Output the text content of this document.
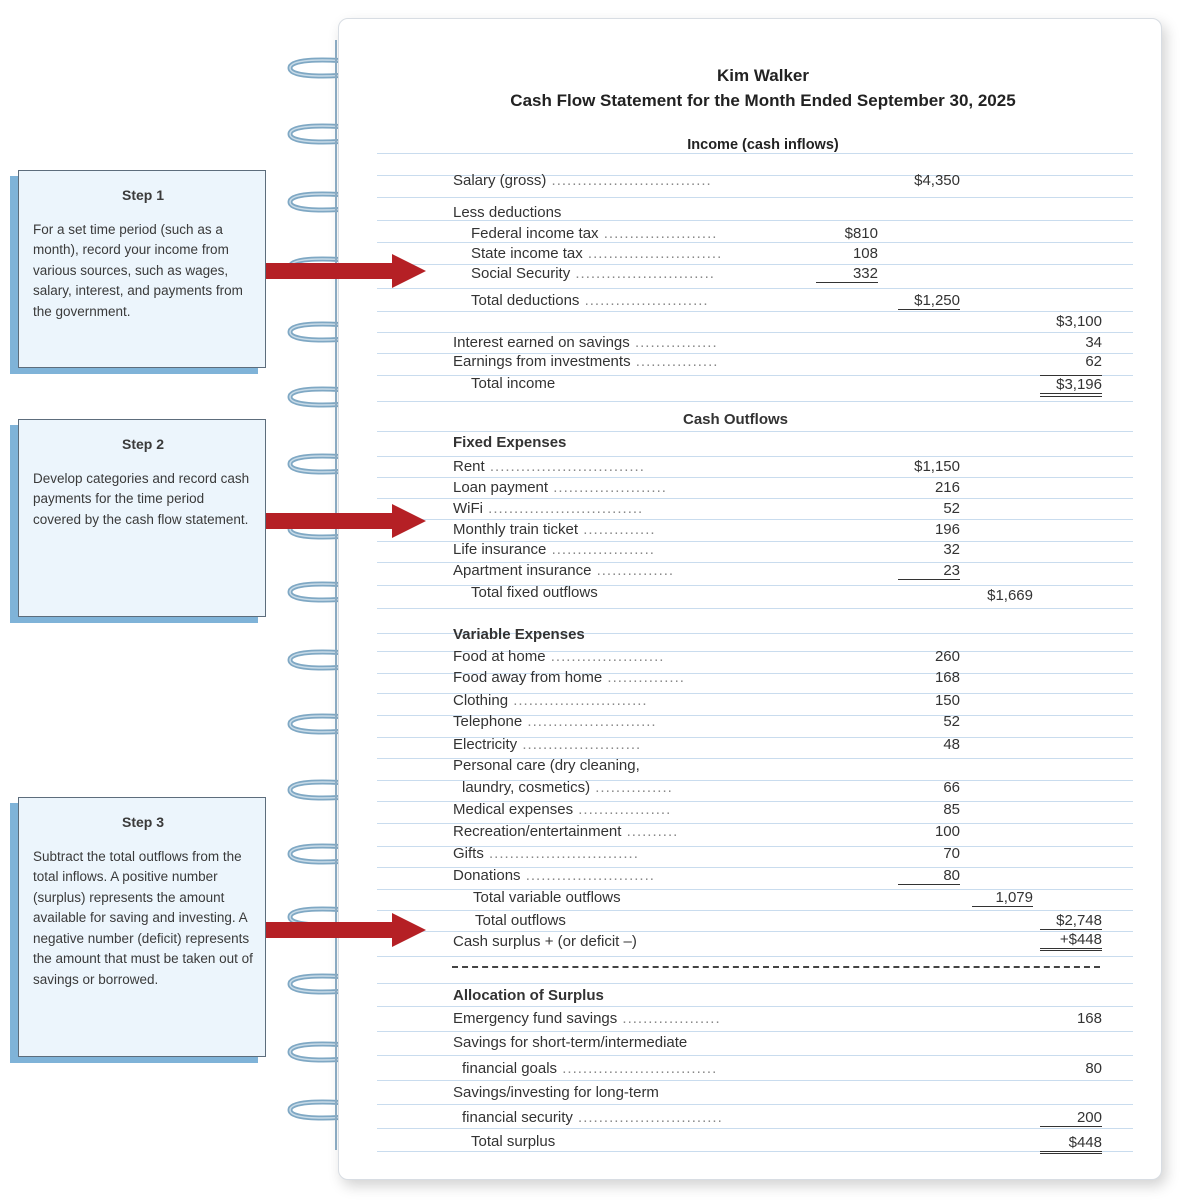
Kim Walker
Cash Flow Statement for the Month Ended September 30, 2025
Income (cash inflows)
Salary (gross) ...............................	$4,350
Less deductions
Federal income tax ......................	$810
State income tax ..........................	108
Social Security ...........................	332
Total deductions ........................	$1,250
$3,100
Interest earned on savings ................	34
Earnings from investments ................	62
Total income	$3,196
Cash Outflows
Fixed Expenses
Rent ..............................	$1,150
Loan payment ......................	216
WiFi ..............................	52
Monthly train ticket ..............	196
Life insurance ....................	32
Apartment insurance ...............	23
Total fixed outflows	$1,669
Variable Expenses
Food at home ......................	260
Food away from home ...............	168
Clothing ..........................	150
Telephone .........................	52
Electricity .......................	48
Personal care (dry cleaning,
laundry, cosmetics) ...............	66
Medical expenses ..................	85
Recreation/entertainment ..........	100
Gifts .............................	70
Donations .........................	80
Total variable outflows	1,079
Total outflows	$2,748
Cash surplus + (or deficit –)	+$448
Allocation of Surplus
Emergency fund savings ...................	168
Savings for short-term/intermediate
financial goals ..............................	80
Savings/investing for long-term
financial security ............................	200
Total surplus	$448
Step 1
For a set time period (such as a month), record your income from various sources, such as wages, salary, interest, and payments from the government.
Step 2
Develop categories and record cash payments for the time period covered by the cash flow statement.
Step 3
Subtract the total outflows from the total inflows. A positive number (surplus) represents the amount available for saving and investing. A negative number (deficit) represents the amount that must be taken out of savings or borrowed.
